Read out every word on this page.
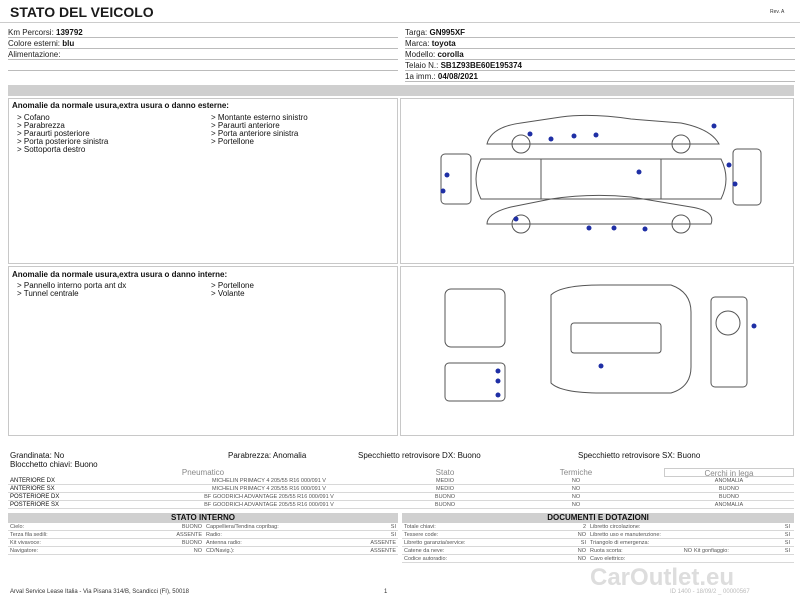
STATO DEL VEICOLO	Rev. A
Km Percorsi: 139792
Colore esterni: blu
Alimentazione:
Targa: GN995XF
Marca: toyota
Modello: corolla
Telaio N.: SB1Z93BE60E195374
1a imm.: 04/08/2021
Anomalie da normale usura,extra usura o danno esterne:
> Cofano
> Parabrezza
> Paraurti posteriore
> Porta posteriore sinistra
> Sottoporta destro
> Montante esterno sinistro
> Paraurti anteriore
> Porta anteriore sinistra
> Portellone
Anomalie da normale usura,extra usura o danno interne:
> Pannello interno porta ant dx
> Tunnel centrale
> Portellone
> Volante
Grandinata: No	Parabrezza: Anomalia	Specchietto retrovisore DX: Buono	Specchietto retrovisore SX: Buono
Blocchetto chiavi: Buono
Pneumatico	Stato	Termiche	Cerchi in lega
ANTERIORE DX	MICHELIN PRIMACY 4 205/55 R16 000/091 V	MEDIO	NO	ANOMALIA
ANTERIORE SX	MICHELIN PRIMACY 4 205/55 R16 000/091 V	MEDIO	NO	BUONO
POSTERIORE DX	BF GOODRICH ADVANTAGE 205/55 R16 000/091 V	BUONO	NO	BUONO
POSTERIORE SX	BF GOODRICH ADVANTAGE 205/55 R16 000/091 V	BUONO	NO	ANOMALIA
STATO INTERNO
Cielo:	BUONO Cappelliera/Tendina copribag:	SI
Terza fila sedili:	ASSENTE Radio:	SI
Kit vivavoce:	BUONO Antenna radio:	ASSENTE
Navigatore:	NO CD/Navig.):	ASSENTE
DOCUMENTI E DOTAZIONI
Totale chiavi:	2 Libretto circolazione:	SI
Tessere code:	NO Libretto uso e manutenzione:	SI
Libretto garanzia/service:	SI Triangolo di emergenza:	SI
Catene da neve:	NO Ruota scorta:	NO Kit gonfiaggio:	SI
Codice autoradio:	NO Cavo elettrico:
Arval Service Lease Italia - Via Pisana 314/B, Scandicci (FI), 50018	1	ID 1400 - 18/09/2 _ 00000567
CarOutlet.eu
